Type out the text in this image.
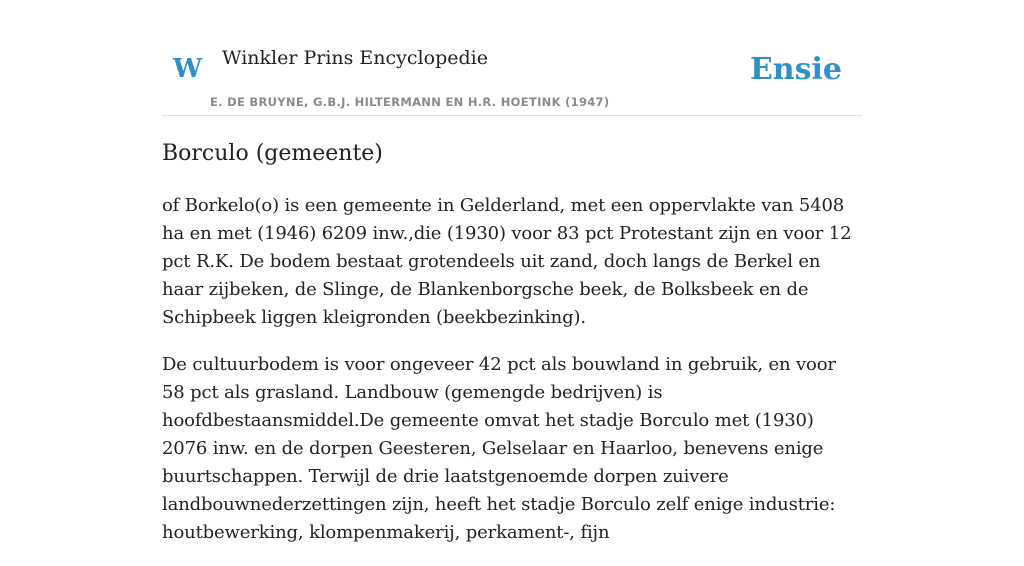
W Winkler Prins Encyclopedie	Ensie
E. DE BRUYNE, G.B.J. HILTERMANN EN H.R. HOETINK (1947)
Borculo (gemeente)

of Borkelo(o) is een gemeente in Gelderland, met een oppervlakte van 5408 ha en met (1946) 6209 inw.,die (1930) voor 83 pct Protestant zijn en voor 12 pct R.K. De bodem bestaat grotendeels uit zand, doch langs de Berkel en haar zijbeken, de Slinge, de Blankenborgsche beek, de Bolksbeek en de Schipbeek liggen kleigronden (beekbezinking).

De cultuurbodem is voor ongeveer 42 pct als bouwland in gebruik, en voor 58 pct als grasland. Landbouw (gemengde bedrijven) is hoofdbestaansmiddel.De gemeente omvat het stadje Borculo met (1930) 2076 inw. en de dorpen Geesteren, Gelselaar en Haarloo, benevens enige buurtschappen. Terwijl de drie laatstgenoemde dorpen zuivere landbouwnederzettingen zijn, heeft het stadje Borculo zelf enige industrie: houtbewerking, klompenmakerij, perkament-, fijn
